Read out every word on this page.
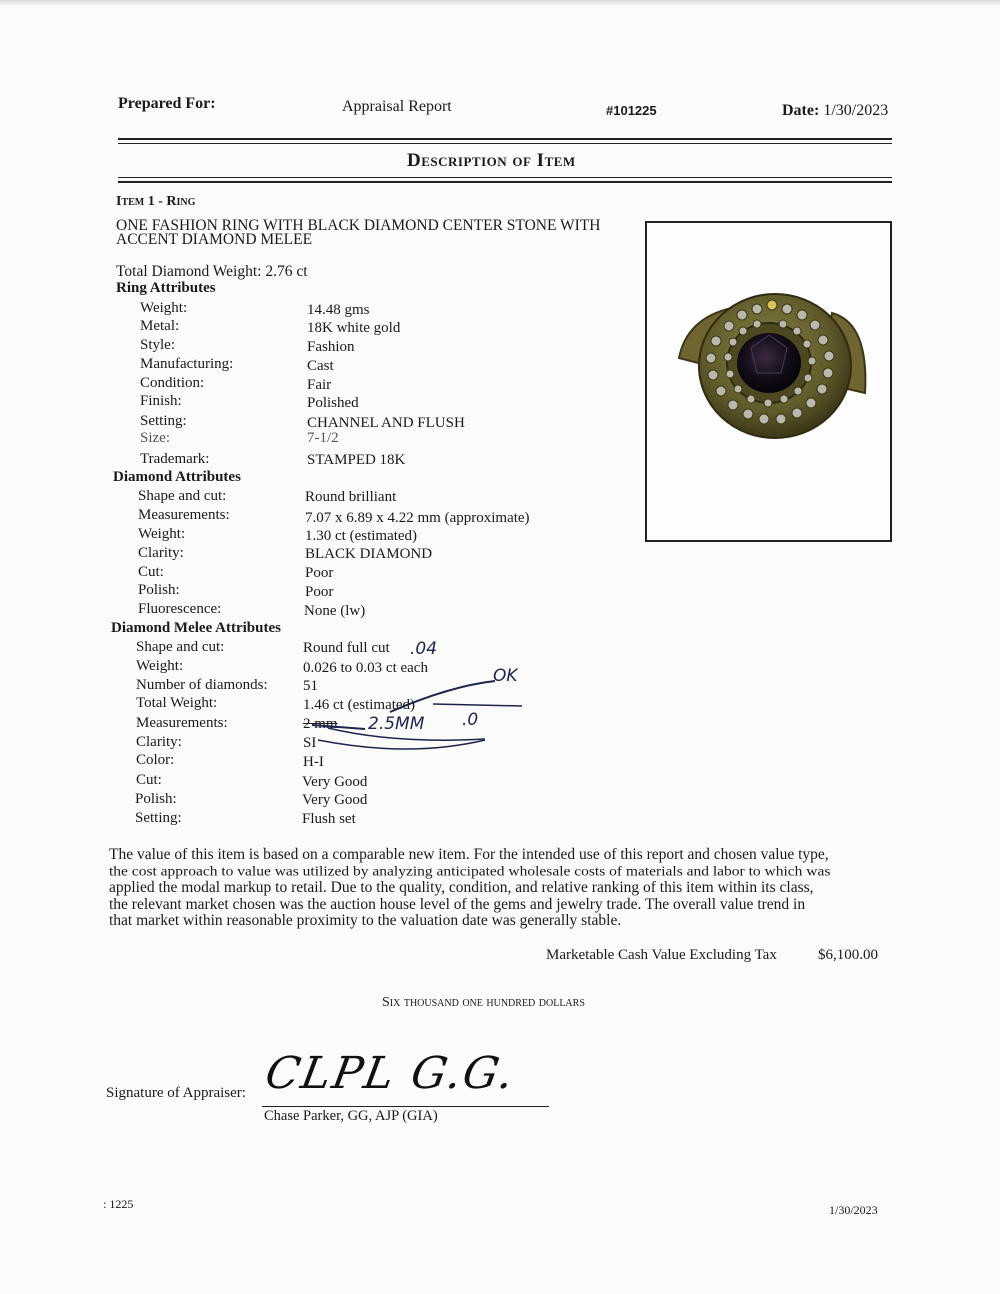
Prepared For:	Appraisal Report	#101225	Date: 1/30/2023
Description of Item
Item 1 - Ring
ONE FASHION RING WITH BLACK DIAMOND CENTER STONE WITH
ACCENT DIAMOND MELEE
Total Diamond Weight: 2.76 ct
Ring Attributes
Weight:	14.48 gms
Metal:	18K white gold
Style:	Fashion
Manufacturing:	Cast
Condition:	Fair
Finish:	Polished
Setting:	CHANNEL AND FLUSH
Size:	7-1/2
Trademark:	STAMPED 18K
Diamond Attributes
Shape and cut:	Round brilliant
Measurements:	7.07 x 6.89 x 4.22 mm (approximate)
Weight:	1.30 ct (estimated)
Clarity:	BLACK DIAMOND
Cut:	Poor
Polish:	Poor
Fluorescence:	None (lw)
Diamond Melee Attributes
Shape and cut:	Round full cut
Weight:	0.026 to 0.03 ct each
Number of diamonds: 51
Total Weight:	1.46 ct (estimated)
Measurements:	2 mm
Clarity:	SI
Color:	H-I
Cut:	Very Good
Polish:	Very Good
Setting:	Flush set
.04
OK
2.5MM .0
The value of this item is based on a comparable new item. For the intended use of this report and chosen value type,
the cost approach to value was utilized by analyzing anticipated wholesale costs of materials and labor to which was
applied the modal markup to retail. Due to the quality, condition, and relative ranking of this item within its class,
the relevant market chosen was the auction house level of the gems and jewelry trade. The overall value trend in
that market within reasonable proximity to the valuation date was generally stable.
Marketable Cash Value Excluding Tax	$6,100.00
Six thousand one hundred dollars
Signature of Appraiser: CLPL G.G.
Chase Parker, GG, AJP (GIA)
: 1225	1/30/2023
